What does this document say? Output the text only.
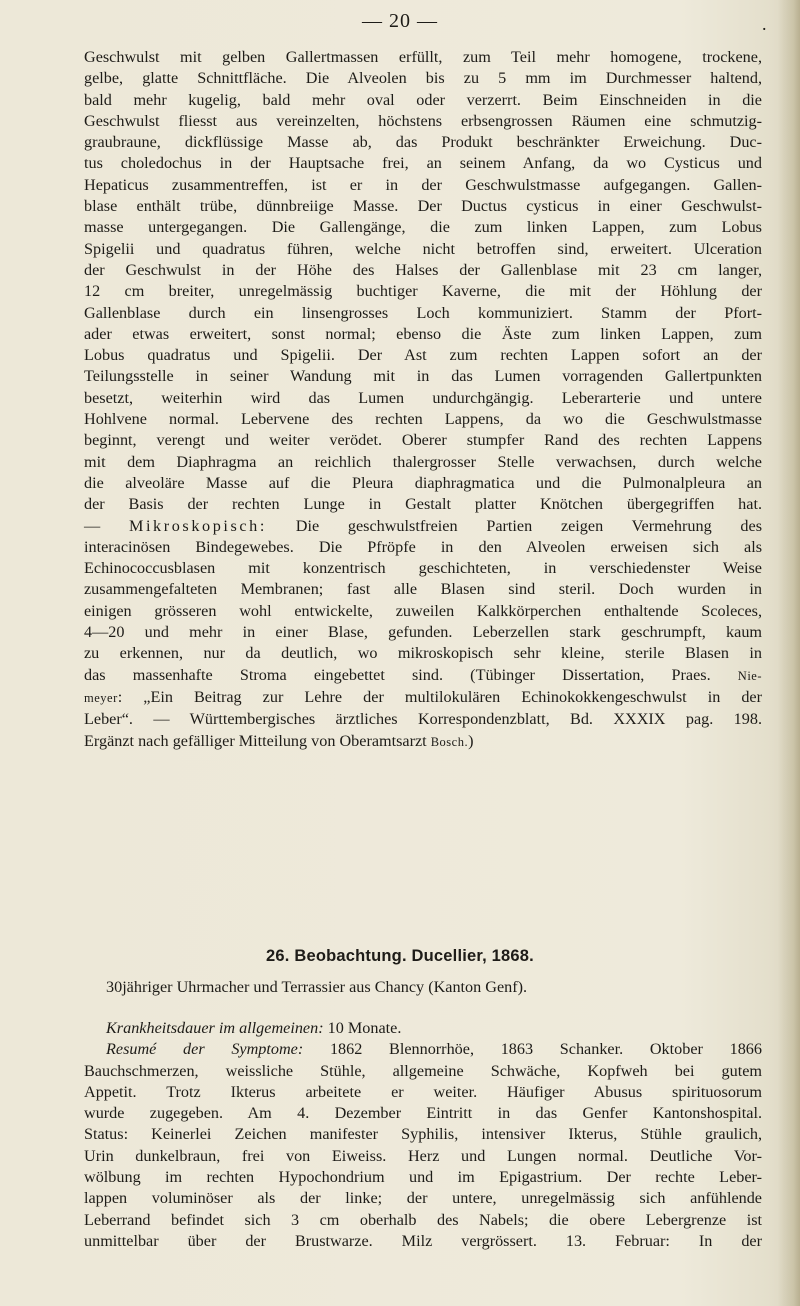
— 20 —	.
Geschwulst mit gelben Gallertmassen erfüllt, zum Teil mehr homogene, trockene,
gelbe, glatte Schnittfläche. Die Alveolen bis zu 5 mm im Durchmesser haltend,
bald mehr kugelig, bald mehr oval oder verzerrt. Beim Einschneiden in die
Geschwulst fliesst aus vereinzelten, höchstens erbsengrossen Räumen eine schmutzig-
graubraune, dickflüssige Masse ab, das Produkt beschränkter Erweichung. Duc-
tus choledochus in der Hauptsache frei, an seinem Anfang, da wo Cysticus und
Hepaticus zusammentreffen, ist er in der Geschwulstmasse aufgegangen. Gallen-
blase enthält trübe, dünnbreiige Masse. Der Ductus cysticus in einer Geschwulst-
masse untergegangen. Die Gallengänge, die zum linken Lappen, zum Lobus
Spigelii und quadratus führen, welche nicht betroffen sind, erweitert. Ulceration
der Geschwulst in der Höhe des Halses der Gallenblase mit 23 cm langer,
12 cm breiter, unregelmässig buchtiger Kaverne, die mit der Höhlung der
Gallenblase durch ein linsengrosses Loch kommuniziert. Stamm der Pfort-
ader etwas erweitert, sonst normal; ebenso die Äste zum linken Lappen, zum
Lobus quadratus und Spigelii. Der Ast zum rechten Lappen sofort an der
Teilungsstelle in seiner Wandung mit in das Lumen vorragenden Gallertpunkten
besetzt, weiterhin wird das Lumen undurchgängig. Leberarterie und untere
Hohlvene normal. Lebervene des rechten Lappens, da wo die Geschwulstmasse
beginnt, verengt und weiter verödet. Oberer stumpfer Rand des rechten Lappens
mit dem Diaphragma an reichlich thalergrosser Stelle verwachsen, durch welche
die alveoläre Masse auf die Pleura diaphragmatica und die Pulmonalpleura an
der Basis der rechten Lunge in Gestalt platter Knötchen übergegriffen hat.
— Mikroskopisch: Die geschwulstfreien Partien zeigen Vermehrung des
interacinösen Bindegewebes. Die Pfröpfe in den Alveolen erweisen sich als
Echinococcusblasen mit konzentrisch geschichteten, in verschiedenster Weise
zusammengefalteten Membranen; fast alle Blasen sind steril. Doch wurden in
einigen grösseren wohl entwickelte, zuweilen Kalkkörperchen enthaltende Scoleces,
4—20 und mehr in einer Blase, gefunden. Leberzellen stark geschrumpft, kaum
zu erkennen, nur da deutlich, wo mikroskopisch sehr kleine, sterile Blasen in
das massenhafte Stroma eingebettet sind. (Tübinger Dissertation, Praes. Nie-
meyer: „Ein Beitrag zur Lehre der multilokulären Echinokokkengeschwulst in der
Leber“. — Württembergisches ärztliches Korrespondenzblatt, Bd. XXXIX pag. 198.
Ergänzt nach gefälliger Mitteilung von Oberamtsarzt Bosch.)
26. Beobachtung. Ducellier, 1868.
30jähriger Uhrmacher und Terrassier aus Chancy (Kanton Genf).
Krankheitsdauer im allgemeinen: 10 Monate.
Resumé der Symptome: 1862 Blennorrhöe, 1863 Schanker. Oktober 1866
Bauchschmerzen, weissliche Stühle, allgemeine Schwäche, Kopfweh bei gutem
Appetit. Trotz Ikterus arbeitete er weiter. Häufiger Abusus spirituosorum
wurde zugegeben. Am 4. Dezember Eintritt in das Genfer Kantonshospital.
Status: Keinerlei Zeichen manifester Syphilis, intensiver Ikterus, Stühle graulich,
Urin dunkelbraun, frei von Eiweiss. Herz und Lungen normal. Deutliche Vor-
wölbung im rechten Hypochondrium und im Epigastrium. Der rechte Leber-
lappen voluminöser als der linke; der untere, unregelmässig sich anfühlende
Leberrand befindet sich 3 cm oberhalb des Nabels; die obere Lebergrenze ist
unmittelbar über der Brustwarze. Milz vergrössert. 13. Februar: In der
